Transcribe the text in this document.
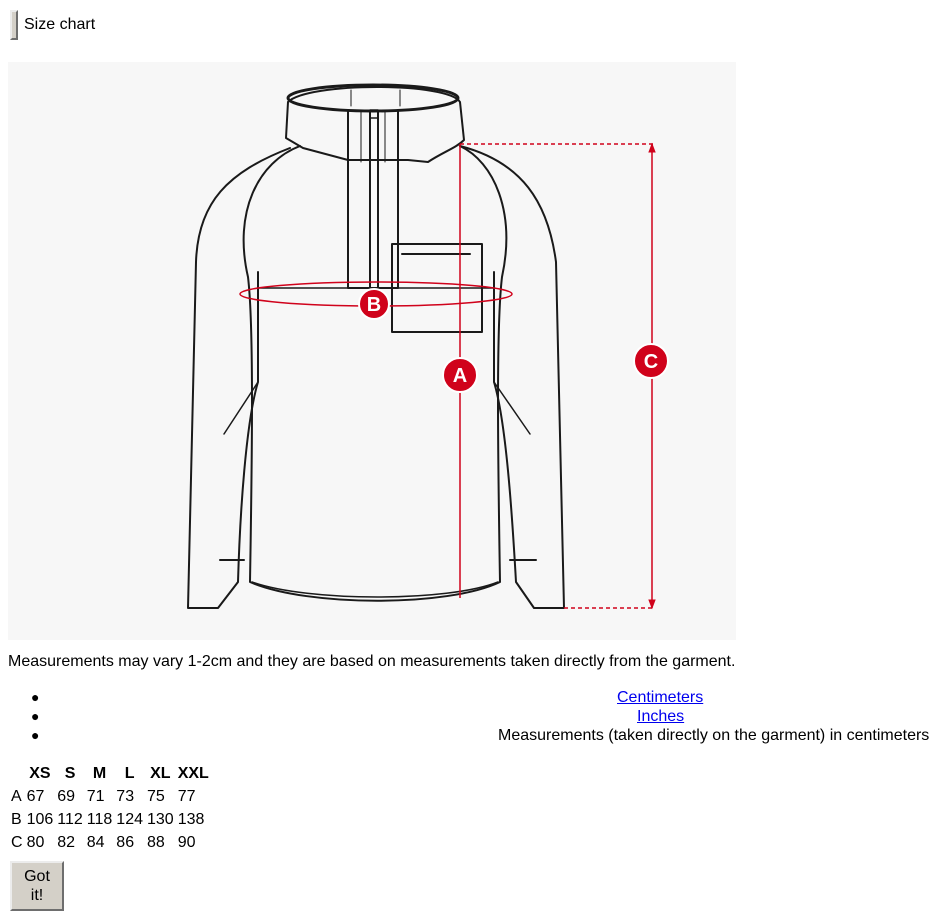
Size chart
B
A
C
Measurements may vary 1-2cm and they are based on measurements taken directly from the garment.
●	Centimeters
●	Inches
●	Measurements (taken directly on the garment) in centimeters
	XS	S	M	L	XL	XXL
A	67	69	71	73	75	77
B	106	112	118	124	130	138
C	80	82	84	86	88	90
Got it!
